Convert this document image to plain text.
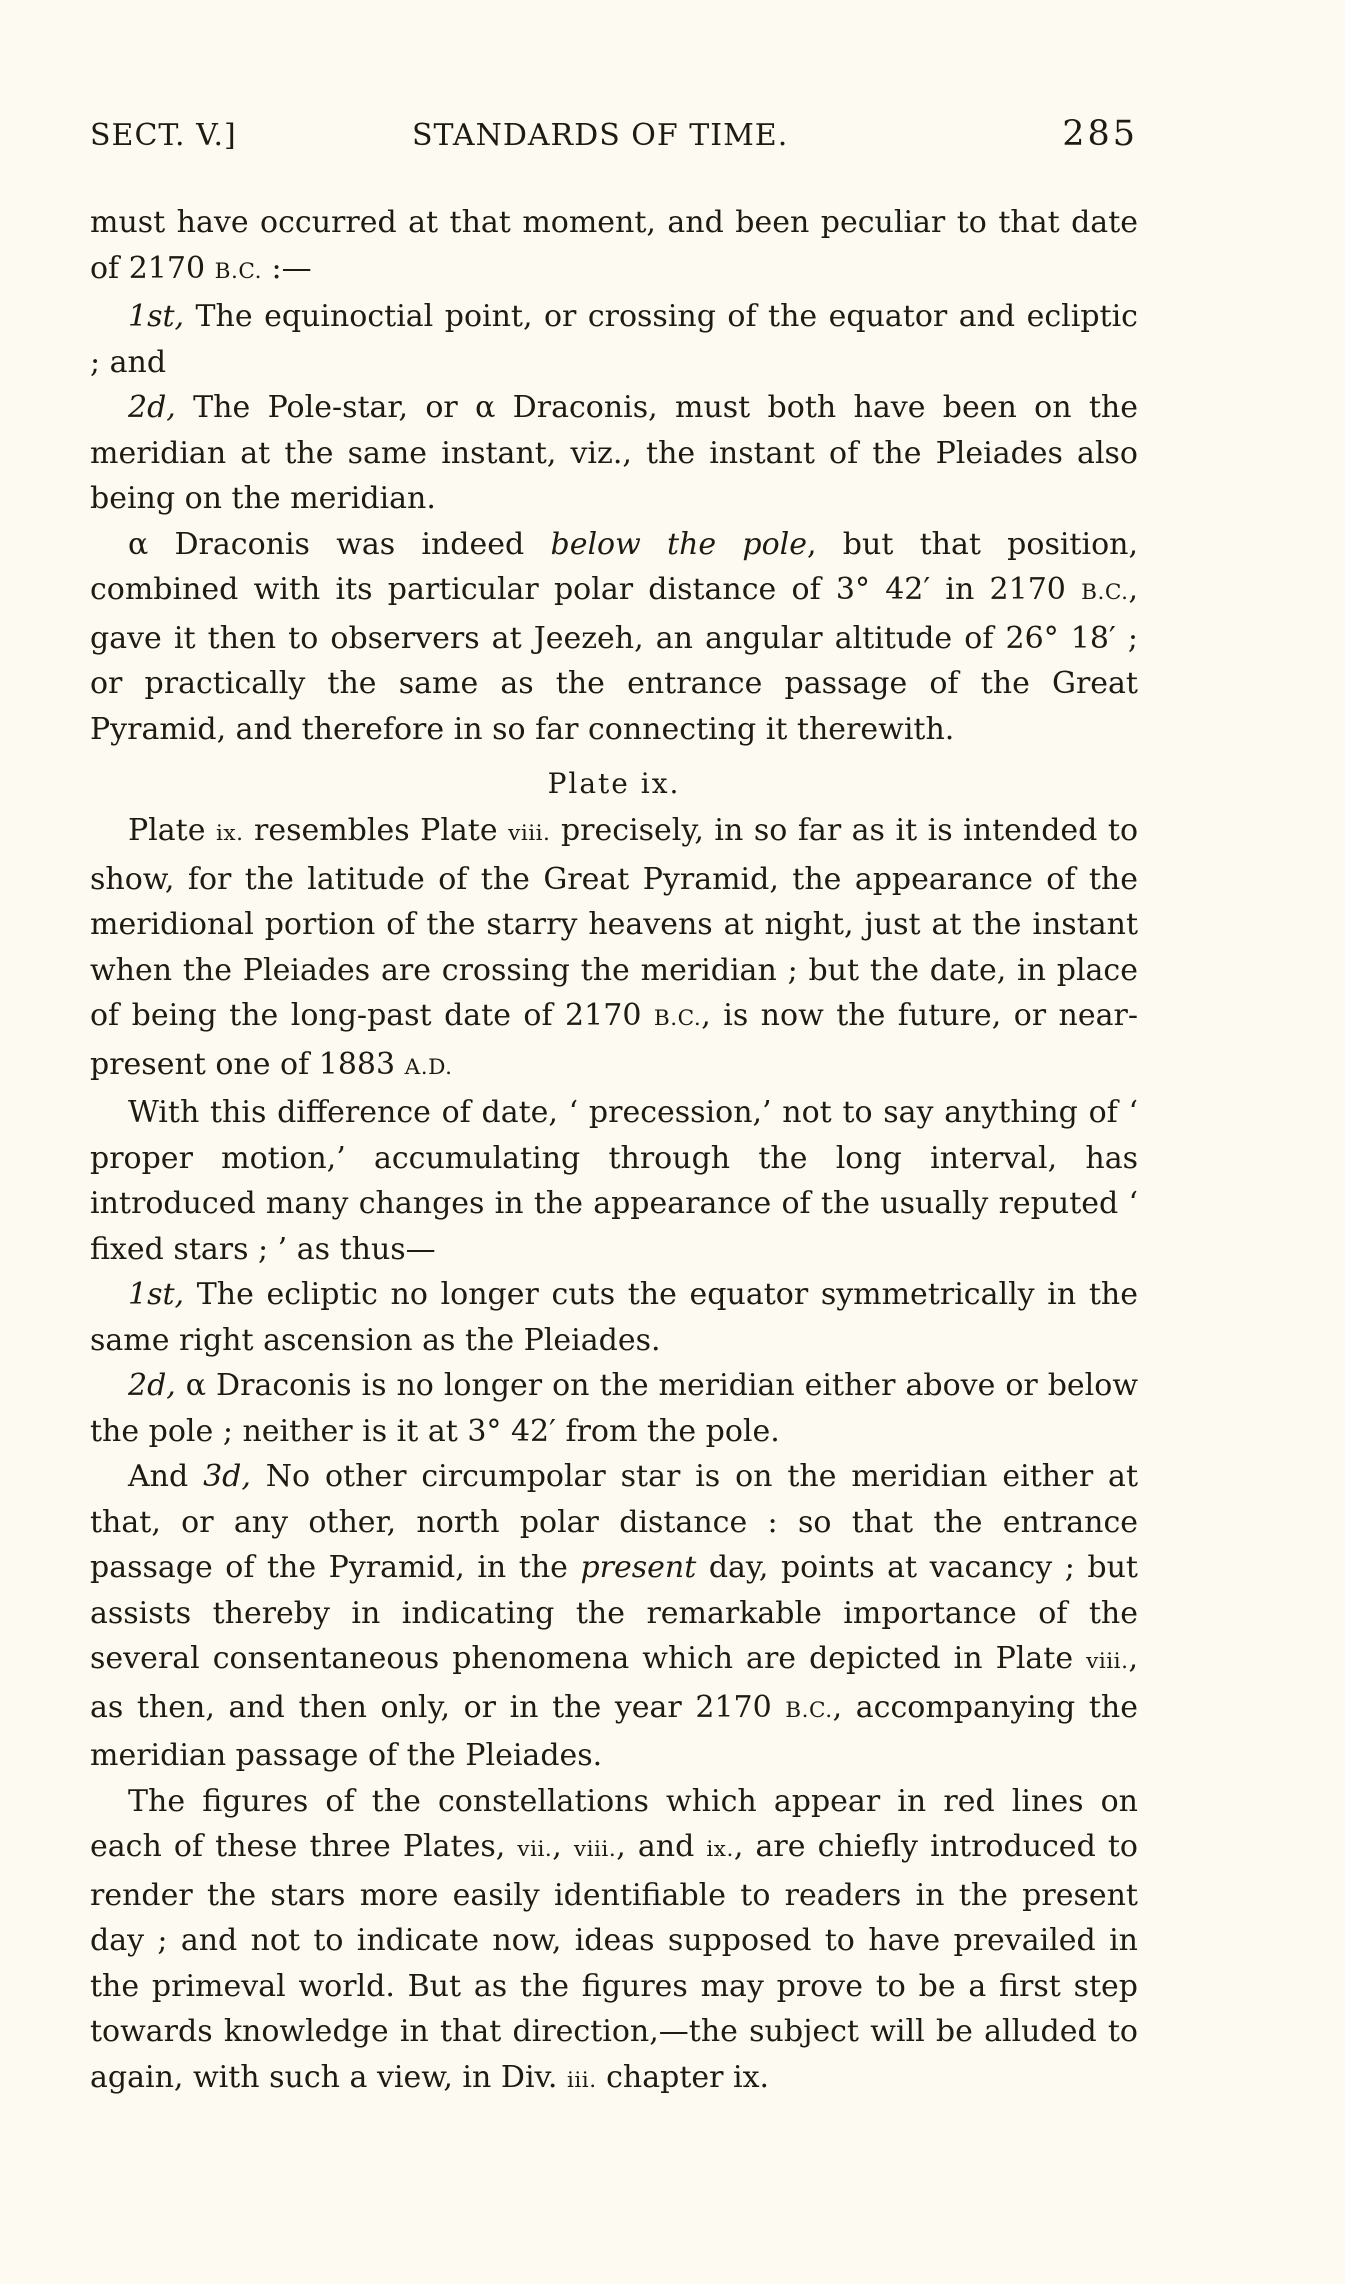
SECT. V.]	STANDARDS OF TIME.	285

must have occurred at that moment, and been peculiar to that date of 2170 B.C. :—

1st, The equinoctial point, or crossing of the equator and ecliptic ; and

2d, The Pole-star, or α Draconis, must both have been on the meridian at the same instant, viz., the instant of the Pleiades also being on the meridian.

α Draconis was indeed below the pole, but that position, combined with its particular polar distance of 3° 42′ in 2170 B.C., gave it then to observers at Jeezeh, an angular altitude of 26° 18′ ; or practically the same as the entrance passage of the Great Pyramid, and therefore in so far connecting it therewith.

Plate ix.

Plate ix. resembles Plate viii. precisely, in so far as it is intended to show, for the latitude of the Great Pyramid, the appearance of the meridional portion of the starry heavens at night, just at the instant when the Pleiades are crossing the meridian ; but the date, in place of being the long-past date of 2170 B.C., is now the future, or near-present one of 1883 A.D.

With this difference of date, ‘ precession,’ not to say anything of ‘ proper motion,’ accumulating through the long interval, has introduced many changes in the appearance of the usually reputed ‘ fixed stars ; ’ as thus—

1st, The ecliptic no longer cuts the equator symmetrically in the same right ascension as the Pleiades.

2d, α Draconis is no longer on the meridian either above or below the pole ; neither is it at 3° 42′ from the pole.

And 3d, No other circumpolar star is on the meridian either at that, or any other, north polar distance : so that the entrance passage of the Pyramid, in the present day, points at vacancy ; but assists thereby in indicating the remarkable importance of the several consentaneous phenomena which are depicted in Plate viii., as then, and then only, or in the year 2170 B.C., accompanying the meridian passage of the Pleiades.

The figures of the constellations which appear in red lines on each of these three Plates, vii., viii., and ix., are chiefly introduced to render the stars more easily identifiable to readers in the present day ; and not to indicate now, ideas supposed to have prevailed in the primeval world. But as the figures may prove to be a first step towards knowledge in that direction,—the subject will be alluded to again, with such a view, in Div. iii. chapter ix.
